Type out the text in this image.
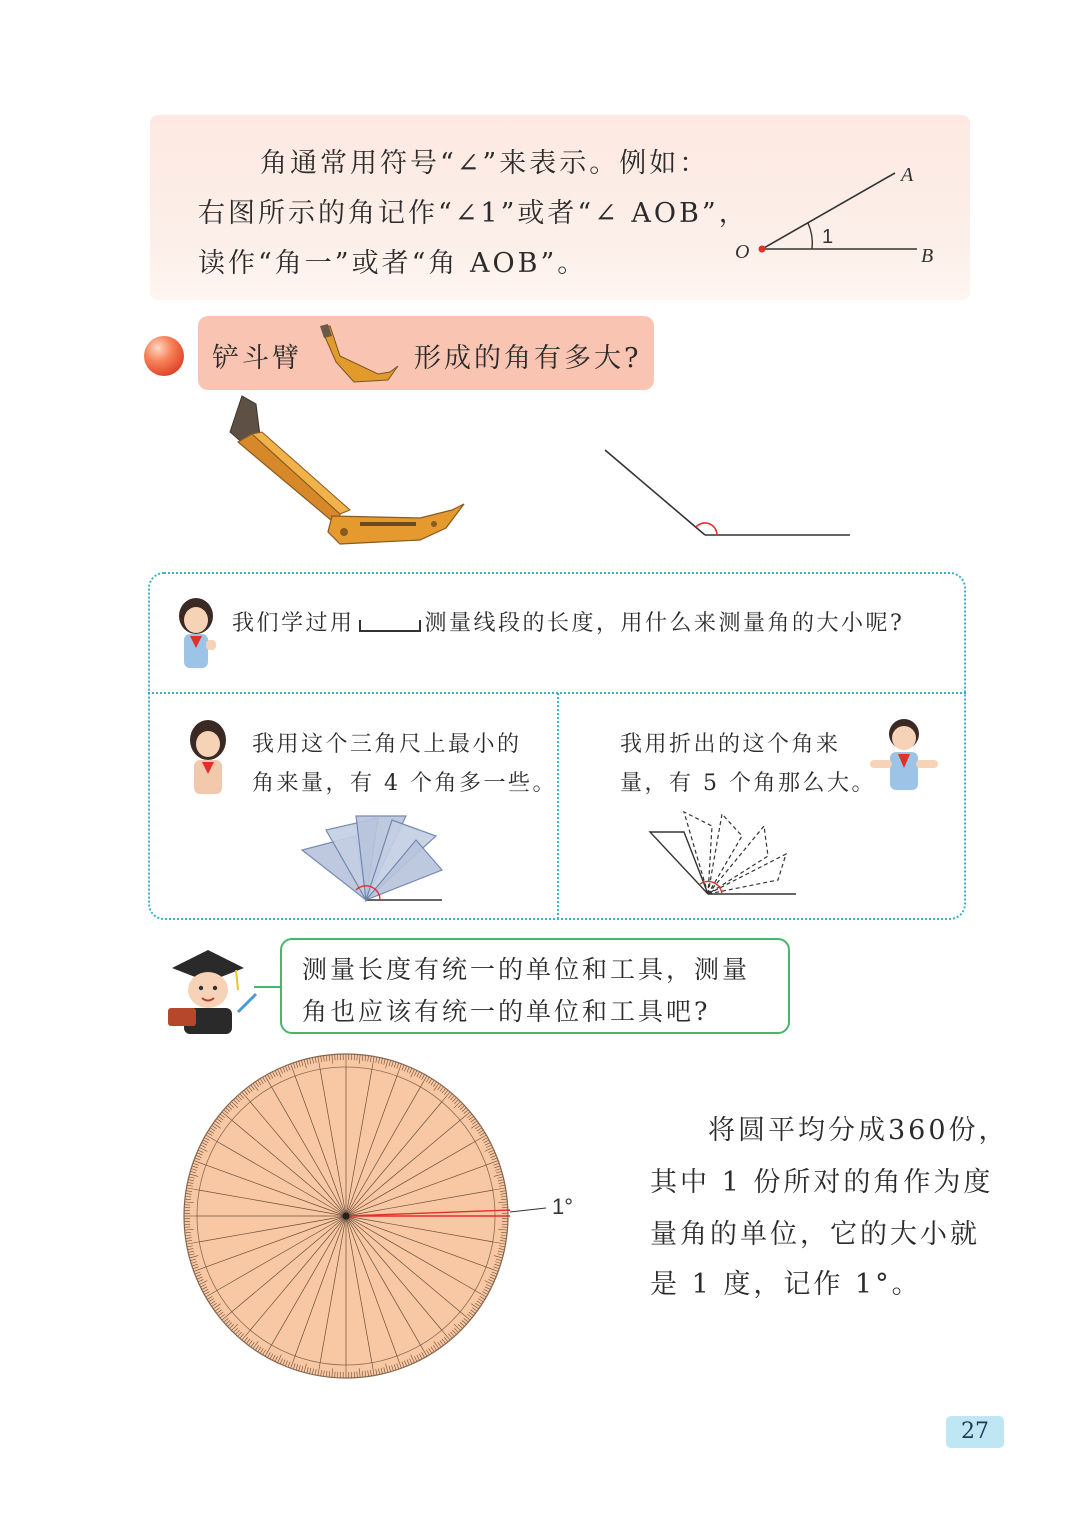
角通常用符号“∠”来表示。例如：
右图所示的角记作“∠1”或者“∠ AOB”，
读作“角一”或者“角 AOB”。
A
O	B
1
铲斗臂	形成的角有多大?
我们学过用	测量线段的长度，用什么来测量角的大小呢?
我用这个三角尺上最小的
角来量，有 4 个角多一些。
我用折出的这个角来
量，有 5 个角那么大。
测量长度有统一的单位和工具，测量
角也应该有统一的单位和工具吧?
1°
将圆平均分成360份，
其中 1 份所对的角作为度
量角的单位，它的大小就
是 1 度，记作 1°。
27
